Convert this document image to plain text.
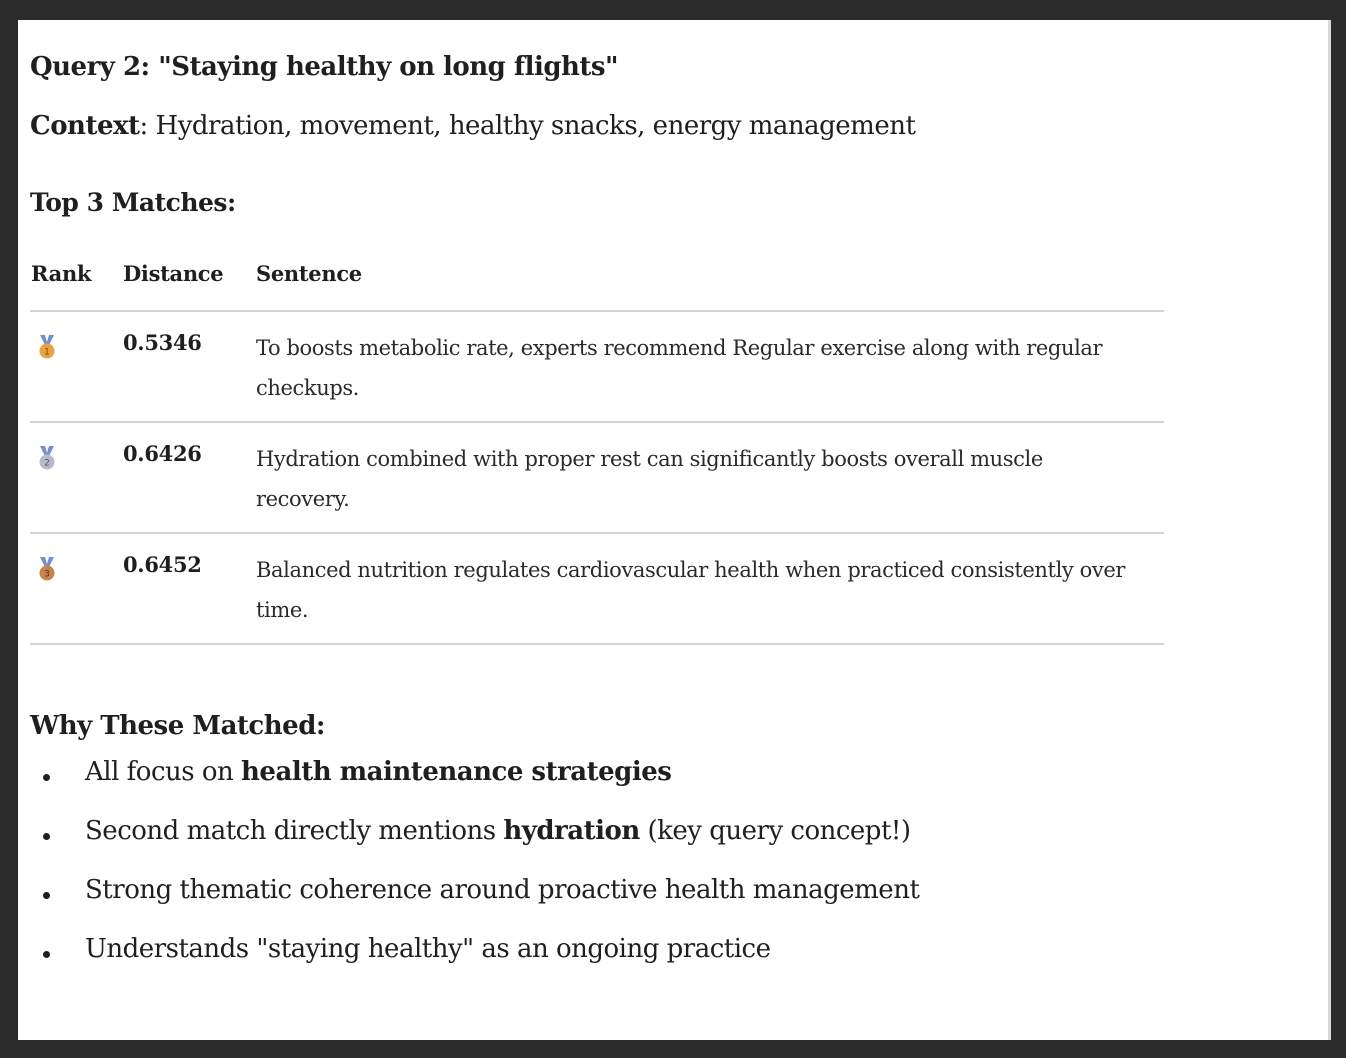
Query 2: "Staying healthy on long flights"
Context: Hydration, movement, healthy snacks, energy management
Top 3 Matches:
Rank Distance Sentence
1	0.5346	To boosts metabolic rate, experts recommend Regular exercise along with regular checkups.
2	0.6426	Hydration combined with proper rest can significantly boosts overall muscle recovery.
3	0.6452	Balanced nutrition regulates cardiovascular health when practiced consistently over time.
Why These Matched:
All focus on health maintenance strategies
Second match directly mentions hydration (key query concept!)
Strong thematic coherence around proactive health management
Understands "staying healthy" as an ongoing practice
